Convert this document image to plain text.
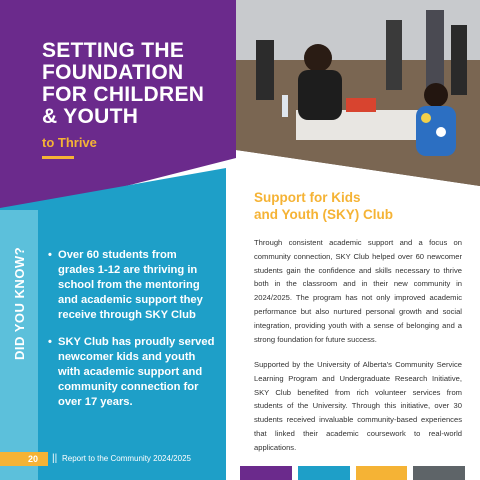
SETTING THE
FOUNDATION
FOR CHILDREN
& YOUTH
to Thrive
• Over 60 students from grades 1-12 are thriving in school from the mentoring and academic support they receive through SKY Club
• SKY Club has proudly served newcomer kids and youth with academic support and community connection for over 17 years.
20 || Report to the Community 2024/2025
Support for Kids
and Youth (SKY) Club

Through consistent academic support and a focus on community connection, SKY Club helped over 60 newcomer students gain the confidence and skills necessary to thrive both in the classroom and in their new community in 2024/2025. The program has not only improved academic performance but also nurtured personal growth and social integration, providing youth with a sense of belonging and a strong foundation for future success.

Supported by the University of Alberta's Community Service Learning Program and Undergraduate Research Initiative, SKY Club benefited from rich volunteer services from students of the University. Through this initiative, over 30 students received invaluable community-based experiences that linked their academic coursework to real-world applications.
